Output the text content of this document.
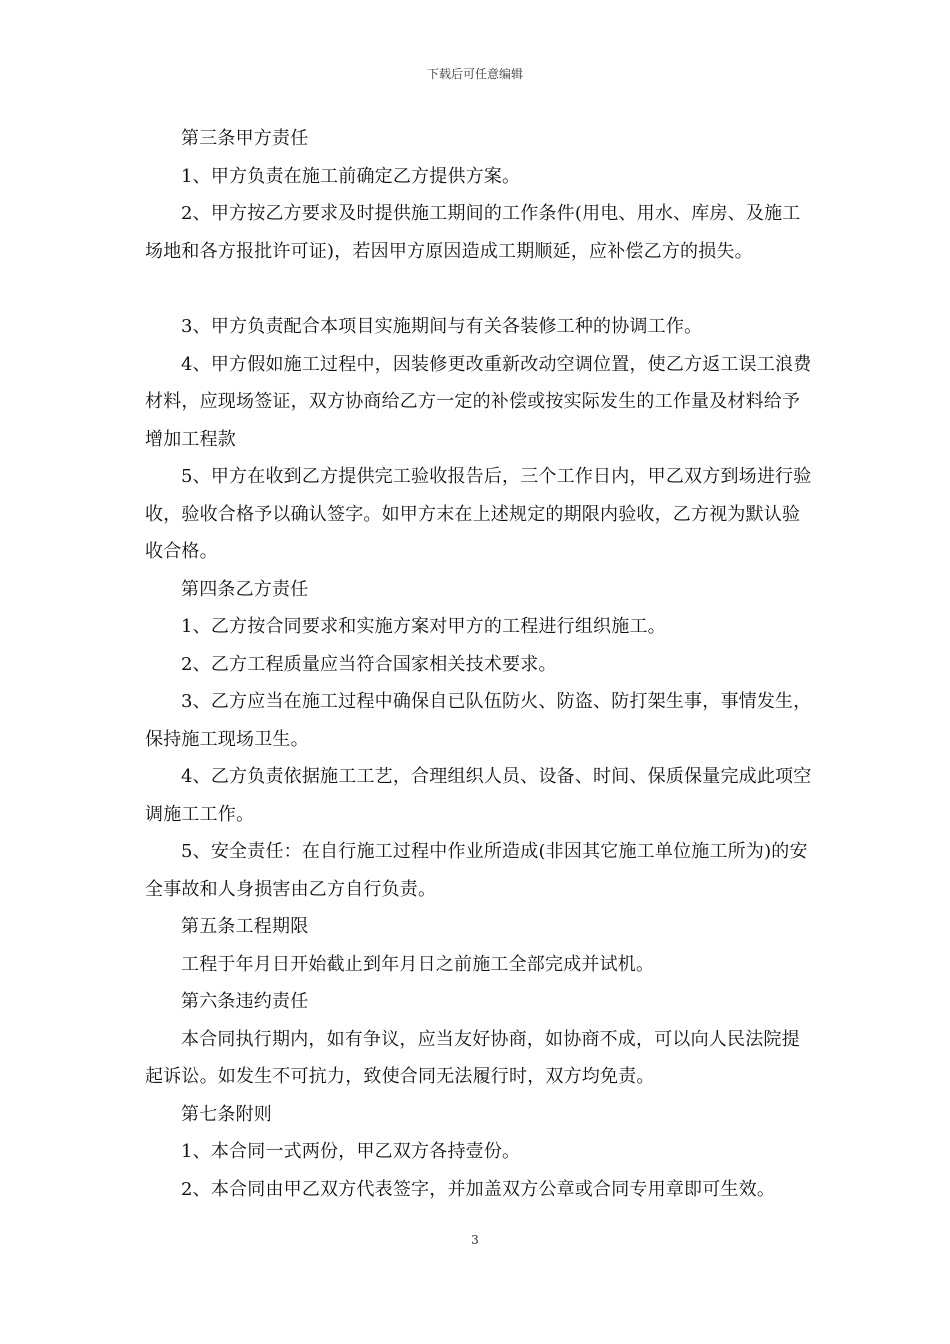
下载后可任意编辑

第三条甲方责任

1、甲方负责在施工前确定乙方提供方案。

2、甲方按乙方要求及时提供施工期间的工作条件(用电、用水、库房、及施工场地和各方报批许可证)，若因甲方原因造成工期顺延，应补偿乙方的损失。

3、甲方负责配合本项目实施期间与有关各装修工种的协调工作。

4、甲方假如施工过程中，因装修更改重新改动空调位置，使乙方返工误工浪费材料，应现场签证，双方协商给乙方一定的补偿或按实际发生的工作量及材料给予增加工程款

5、甲方在收到乙方提供完工验收报告后，三个工作日内，甲乙双方到场进行验收，验收合格予以确认签字。如甲方末在上述规定的期限内验收，乙方视为默认验收合格。

第四条乙方责任

1、乙方按合同要求和实施方案对甲方的工程进行组织施工。

2、乙方工程质量应当符合国家相关技术要求。

3、乙方应当在施工过程中确保自已队伍防火、防盗、防打架生事，事情发生，保持施工现场卫生。

4、乙方负责依据施工工艺，合理组织人员、设备、时间、保质保量完成此项空调施工工作。

5、安全责任：在自行施工过程中作业所造成(非因其它施工单位施工所为)的安全事故和人身损害由乙方自行负责。

第五条工程期限

工程于年月日开始截止到年月日之前施工全部完成并试机。

第六条违约责任

本合同执行期内，如有争议，应当友好协商，如协商不成，可以向人民法院提起诉讼。如发生不可抗力，致使合同无法履行时，双方均免责。

第七条附则

1、本合同一式两份，甲乙双方各持壹份。

2、本合同由甲乙双方代表签字，并加盖双方公章或合同专用章即可生效。

3
